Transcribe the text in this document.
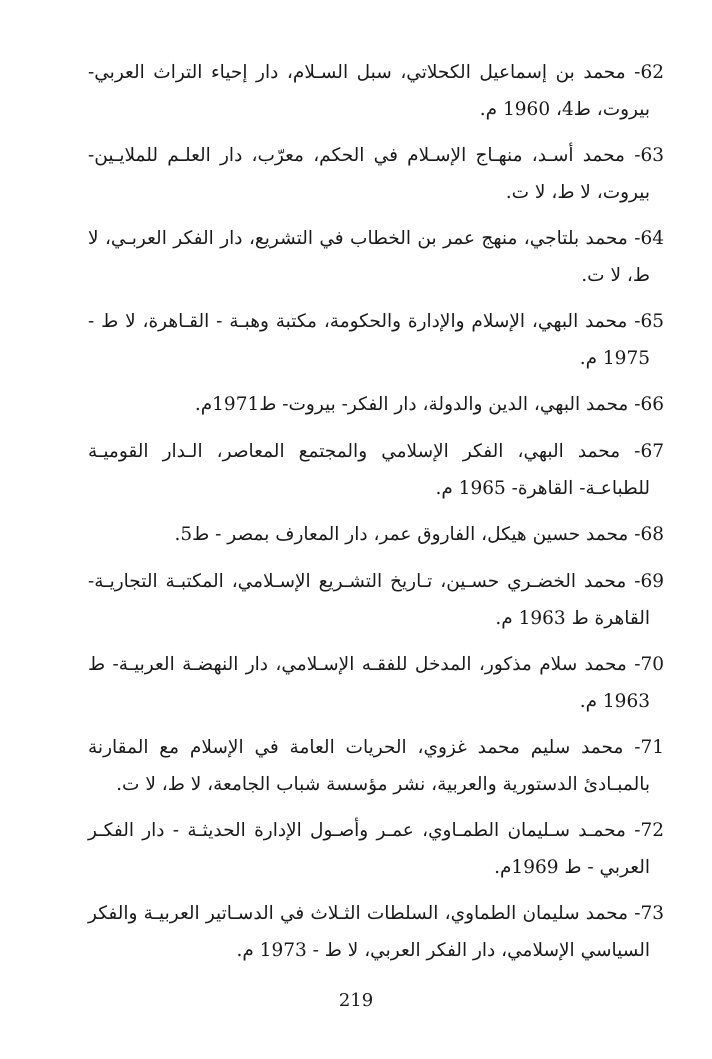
62- محمد بن إسماعيل الكحلاتي، سبل السـلام، دار إحياء التراث العربي- بيروت، ط4، 1960 م.

63- محمد أسـد، منهـاج الإسـلام في الحكم، معرّب، دار العلـم للملايـين- بيروت، لا ط، لا ت.

64- محمد بلتاجي، منهج عمر بن الخطاب في التشريع، دار الفكر العربـي، لا ط، لا ت.

65- محمد البهي، الإسلام والإدارة والحكومة، مكتبة وهبـة - القـاهرة، لا ط - 1975 م.

66- محمد البهي، الدين والدولة، دار الفكر- بيروت- ط1971م.

67- محمد البهي، الفكر الإسلامي والمجتمع المعاصر، الـدار القوميـة للطباعـة- القاهرة- 1965 م.

68- محمد حسين هيكل، الفاروق عمر، دار المعارف بمصر - ط5.

69- محمد الخضـري حسـين، تـاريخ التشـريع الإسـلامي، المكتبـة التجاريـة- القاهرة ط 1963 م.

70- محمد سلام مذكور، المدخل للفقـه الإسـلامي، دار النهضـة العربيـة- ط 1963 م.

71- محمد سليم محمد غزوي، الحريات العامة في الإسلام مع المقارنة بالمبـادئ الدستورية والعربية، نشر مؤسسة شباب الجامعة، لا ط، لا ت.

72- محمـد سـليمان الطمـاوي، عمـر وأصـول الإدارة الحديثـة - دار الفكـر العربي - ط 1969م.

73- محمد سليمان الطماوي، السلطات الثـلاث في الدسـاتير العربيـة والفكر السياسي الإسلامي، دار الفكر العربي، لا ط - 1973 م.

219
